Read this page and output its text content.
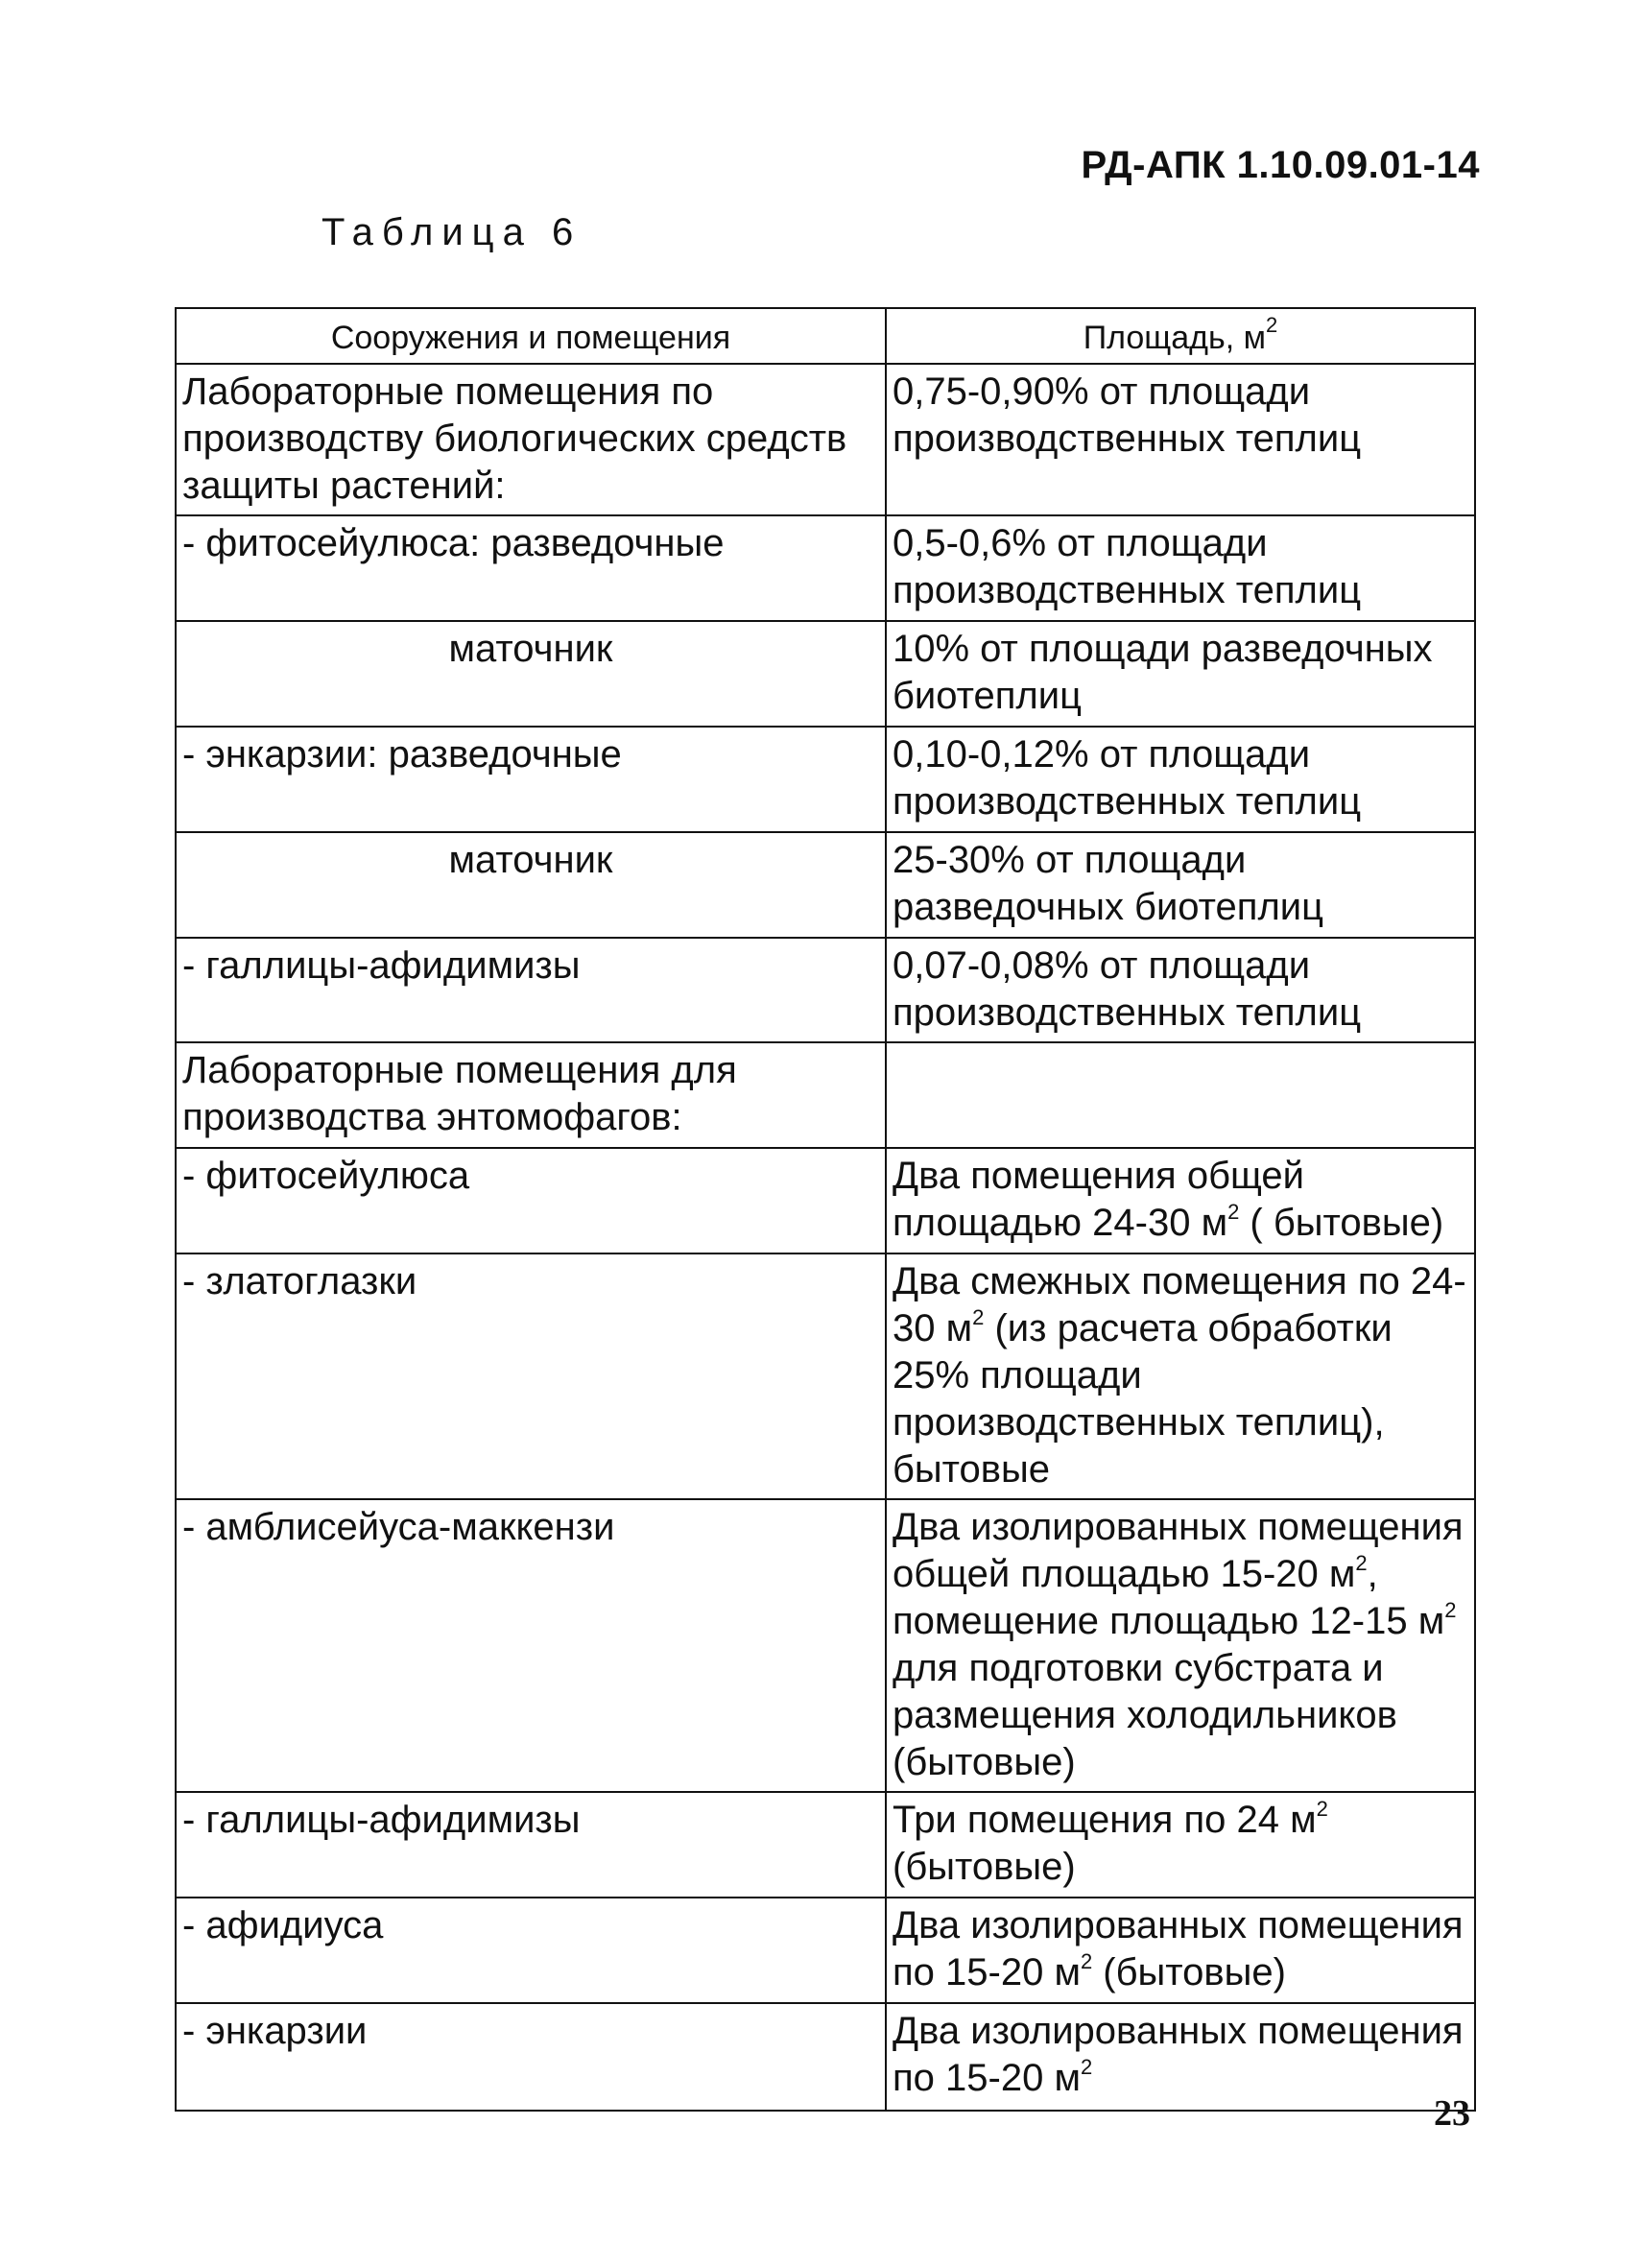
РД-АПК 1.10.09.01-14
Таблица 6
Сооружения и помещения	Площадь, $м^2$
Лабораторные помещения по производству биологических средств защиты растений:	0,75-0,90% от площади производственных теплиц
- фитосейулюса: разведочные	0,5-0,6% от площади производственных теплиц
маточник	10% от площади разведочных биотеплиц
- энкарзии: разведочные	0,10-0,12% от площади производственных теплиц
маточник	25-30% от площади разведочных биотеплиц
- галлицы-афидимизы	0,07-0,08% от площади производственных теплиц
Лабораторные помещения для производства энтомофагов:	
- фитосейулюса	Два помещения общей площадью 24-30 $м^2$ ( бытовые)
- златоглазки	Два смежных помещения по 24-30 $м^2$ (из расчета обработки 25% площади производственных теплиц), бытовые
- амблисейуса-маккензи	Два изолированных помещения общей площадью 15-20 $м^2$, помещение площадью 12-15 $м^2$ для подготовки субстрата и размещения холодильников (бытовые)
- галлицы-афидимизы	Три помещения по 24 $м^2$ (бытовые)
- афидиуса	Два изолированных помещения по 15-20 $м^2$ (бытовые)
- энкарзии	Два изолированных помещения по 15-20 $м^2$
23
